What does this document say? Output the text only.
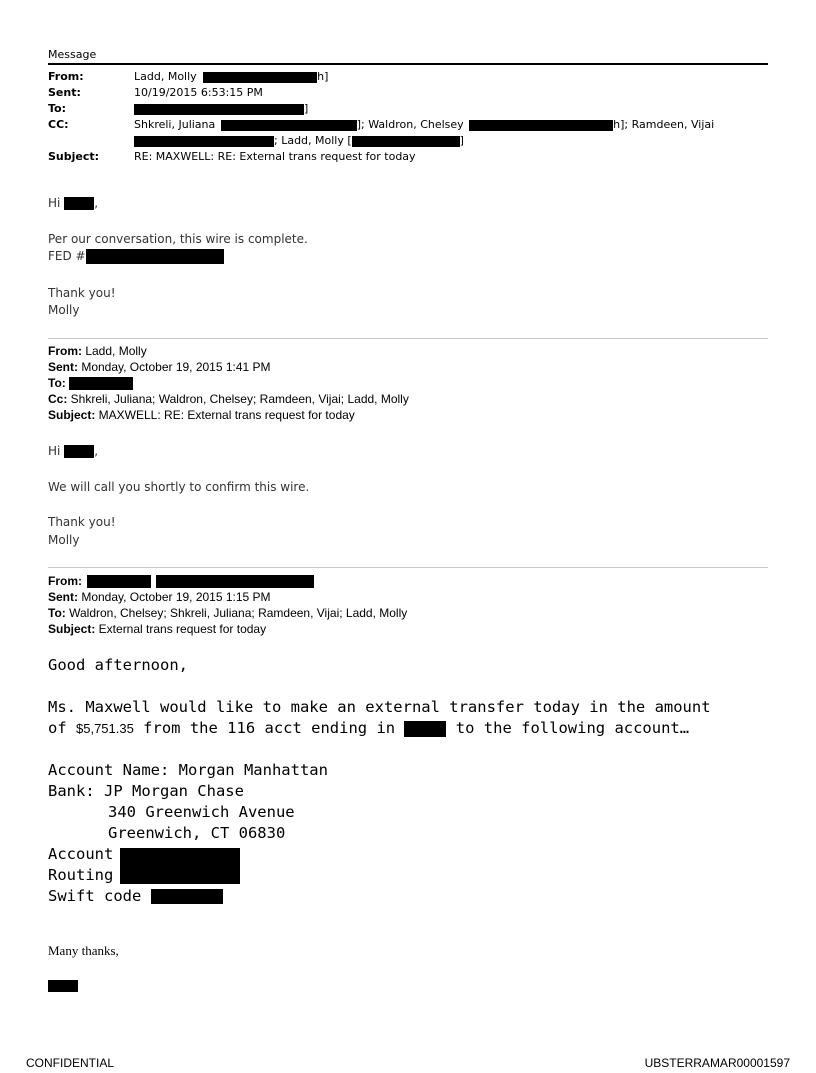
Message
From:	Ladd, Molly	h]
Sent:	10/19/2015 6:53:15 PM
To:	]
CC:	Shkreli, Juliana	]; Waldron, Chelsey	h]; Ramdeen, Vijai
; Ladd, Molly [	]
Subject:	RE: MAXWELL: RE: External trans request for today
Hi	,
Per our conversation, this wire is complete.
FED #
Thank you!
Molly
From: Ladd, Molly
Sent: Monday, October 19, 2015 1:41 PM
To:
Cc: Shkreli, Juliana; Waldron, Chelsey; Ramdeen, Vijai; Ladd, Molly
Subject: MAXWELL: RE: External trans request for today
Hi	,
We will call you shortly to confirm this wire.
Thank you!
Molly
From:
Sent: Monday, October 19, 2015 1:15 PM
To: Waldron, Chelsey; Shkreli, Juliana; Ramdeen, Vijai; Ladd, Molly
Subject: External trans request for today
Good afternoon,
Ms. Maxwell would like to make an external transfer today in the amount
of $5,751.35 from the 116 acct ending in	to the following account…
Account Name: Morgan Manhattan
Bank: JP Morgan Chase
340 Greenwich Avenue
Greenwich, CT 06830
Account
Routing
Swift code
Many thanks,
CONFIDENTIAL	UBSTERRAMAR00001597
